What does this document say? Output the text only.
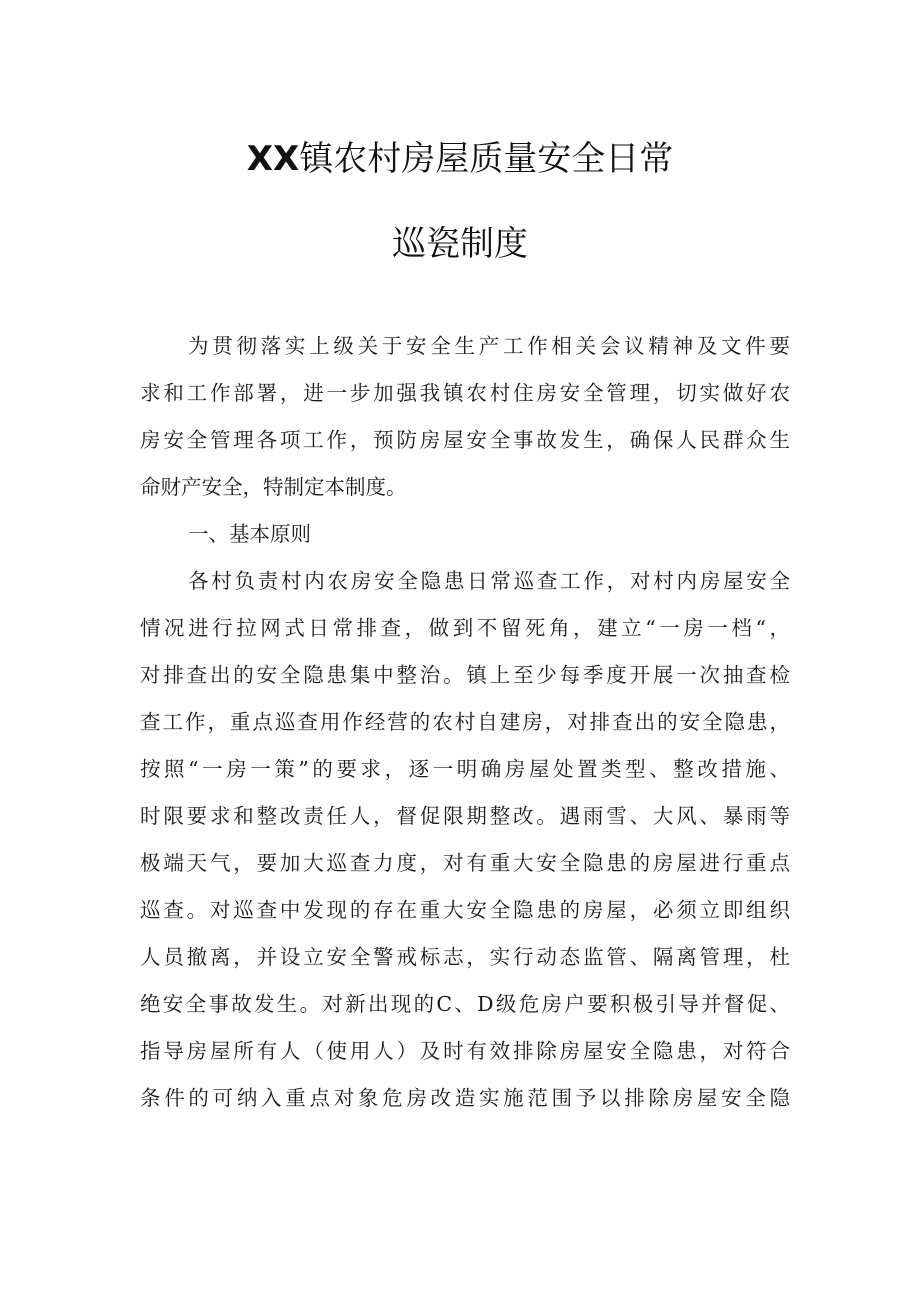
XX镇农村房屋质量安全日常
巡瓷制度
为贯彻落实上级关于安全生产工作相关会议精神及文件要
求和工作部署，进一步加强我镇农村住房安全管理，切实做好农
房安全管理各项工作，预防房屋安全事故发生，确保人民群众生
命财产安全，特制定本制度。
一、基本原则
各村负责村内农房安全隐患日常巡查工作，对村内房屋安全
情况进行拉网式日常排查，做到不留死角，建立“一房一档“，
对排查出的安全隐患集中整治。镇上至少每季度开展一次抽查检
查工作，重点巡查用作经营的农村自建房，对排查出的安全隐患，
按照“一房一策”的要求，逐一明确房屋处置类型、整改措施、
时限要求和整改责任人，督促限期整改。遇雨雪、大风、暴雨等
极端天气，要加大巡查力度，对有重大安全隐患的房屋进行重点
巡查。对巡查中发现的存在重大安全隐患的房屋，必须立即组织
人员撤离，并设立安全警戒标志，实行动态监管、隔离管理，杜
绝安全事故发生。对新出现的C、D级危房户要积极引导并督促、
指导房屋所有人（使用人）及时有效排除房屋安全隐患，对符合
条件的可纳入重点对象危房改造实施范围予以排除房屋安全隐
